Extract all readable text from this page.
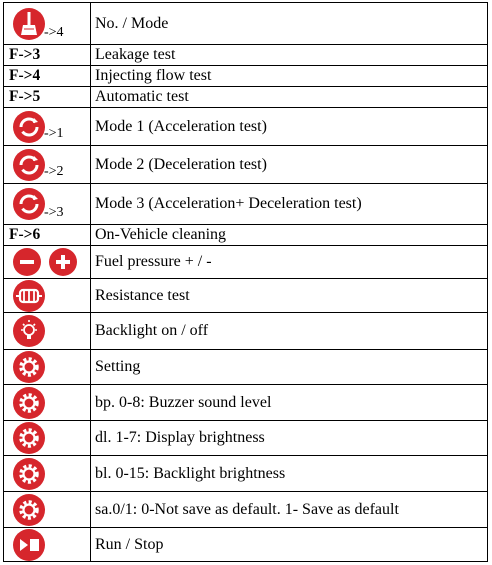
->4	No. / Mode
F->3	Leakage test
F->4	Injecting flow test
F->5	Automatic test

->1	Mode 1 (Acceleration test)

->2	Mode 2 (Deceleration test)

->3	Mode 3 (Acceleration+ Deceleration test)
F->6	On-Vehicle cleaning

	Fuel pressure + / -

	Resistance test

	Backlight on / off

	Setting

	bp. 0-8: Buzzer sound level

	dl. 1-7: Display brightness

	bl. 0-15: Backlight brightness

	sa.0/1: 0-Not save as default. 1- Save as default

	Run / Stop
